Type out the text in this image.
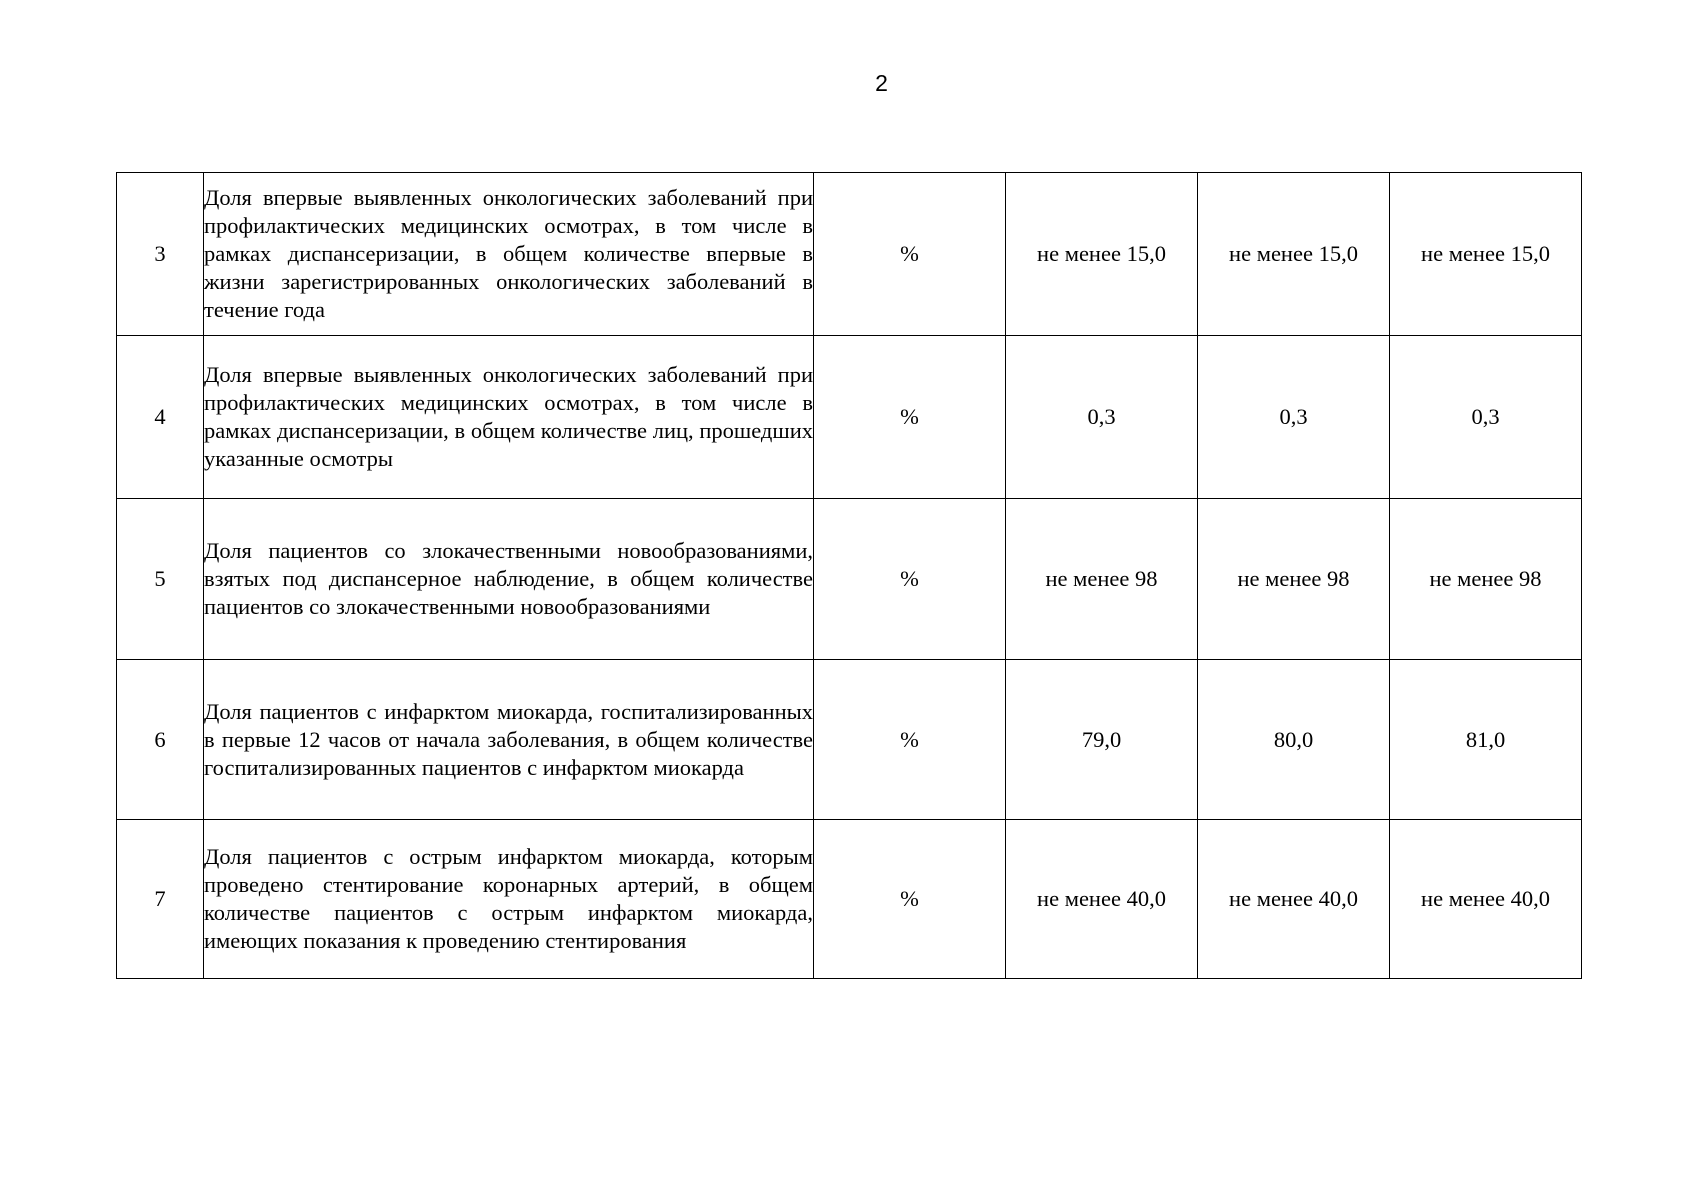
2
3	Доля впервые выявленных онкологических заболеваний при профилактических медицинских осмотрах, в том числе в рамках диспансеризации, в общем количестве впервые в жизни зарегистрированных онкологических заболеваний в течение года	%	не менее 15,0	не менее 15,0	не менее 15,0
4	Доля впервые выявленных онкологических заболеваний при профилактических медицинских осмотрах, в том числе в рамках диспансеризации, в общем количестве лиц, прошедших указанные осмотры	%	0,3	0,3	0,3
5	Доля пациентов со злокачественными новообразованиями, взятых под диспансерное наблюдение, в общем количестве пациентов со злокачественными новообразованиями	%	не менее 98	не менее 98	не менее 98
6	Доля пациентов с инфарктом миокарда, госпитализированных в первые 12 часов от начала заболевания, в общем количестве госпитализированных пациентов с инфарктом миокарда	%	79,0	80,0	81,0
7	Доля пациентов с острым инфарктом миокарда, которым проведено стентирование коронарных артерий, в общем количестве пациентов с острым инфарктом миокарда, имеющих показания к проведению стентирования	%	не менее 40,0	не менее 40,0	не менее 40,0
